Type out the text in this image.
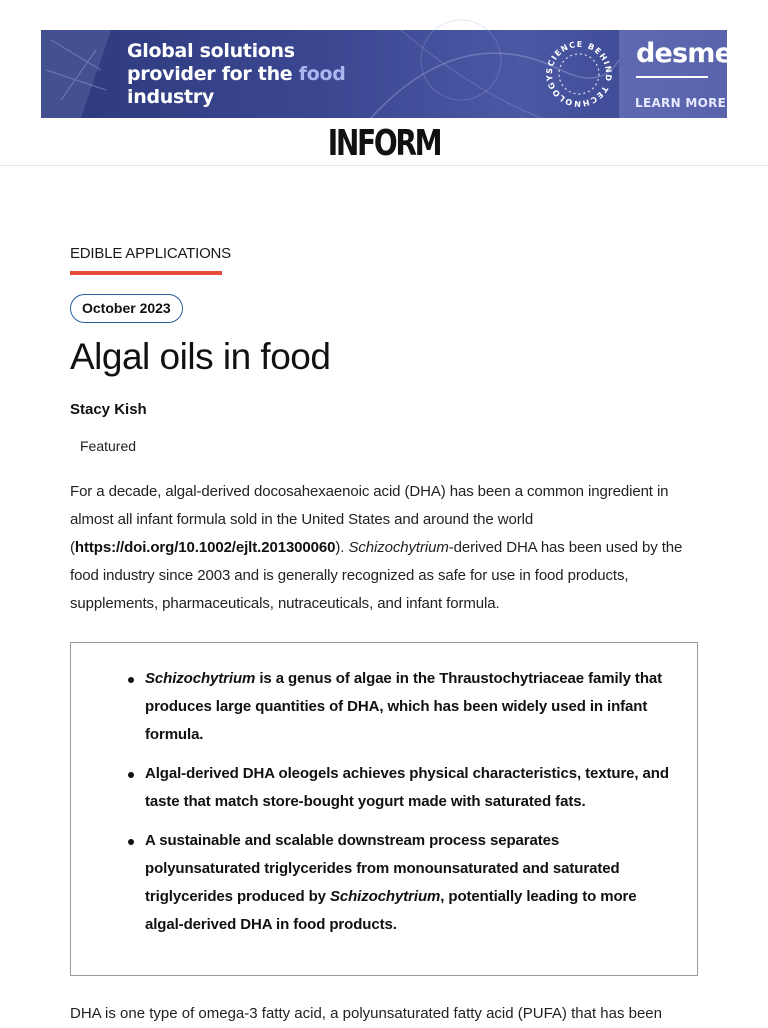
Global solutions
provider for the food
industry
SCIENCE BEHIND TECHNOLOGY
desmet
LEARN MORE
INFORM
EDIBLE APPLICATIONS
October 2023
Algal oils in food
Stacy Kish
Featured

For a decade, algal-derived docosahexaenoic acid (DHA) has been a common ingredient in almost all infant formula sold in the United States and around the world (https://doi.org/10.1002/ejlt.201300060). Schizochytrium-derived DHA has been used by the food industry since 2003 and is generally recognized as safe for use in food products, supplements, pharmaceuticals, nutraceuticals, and infant formula.

Schizochytrium is a genus of algae in the Thraustochytriaceae family that produces large quantities of DHA, which has been widely used in infant formula.
Algal-derived DHA oleogels achieves physical characteristics, texture, and taste that match store-bought yogurt made with saturated fats.
A sustainable and scalable downstream process separates polyunsaturated triglycerides from monounsaturated and saturated triglycerides produced by Schizochytrium, potentially leading to more algal-derived DHA in food products.

DHA is one type of omega-3 fatty acid, a polyunsaturated fatty acid (PUFA) that has been
